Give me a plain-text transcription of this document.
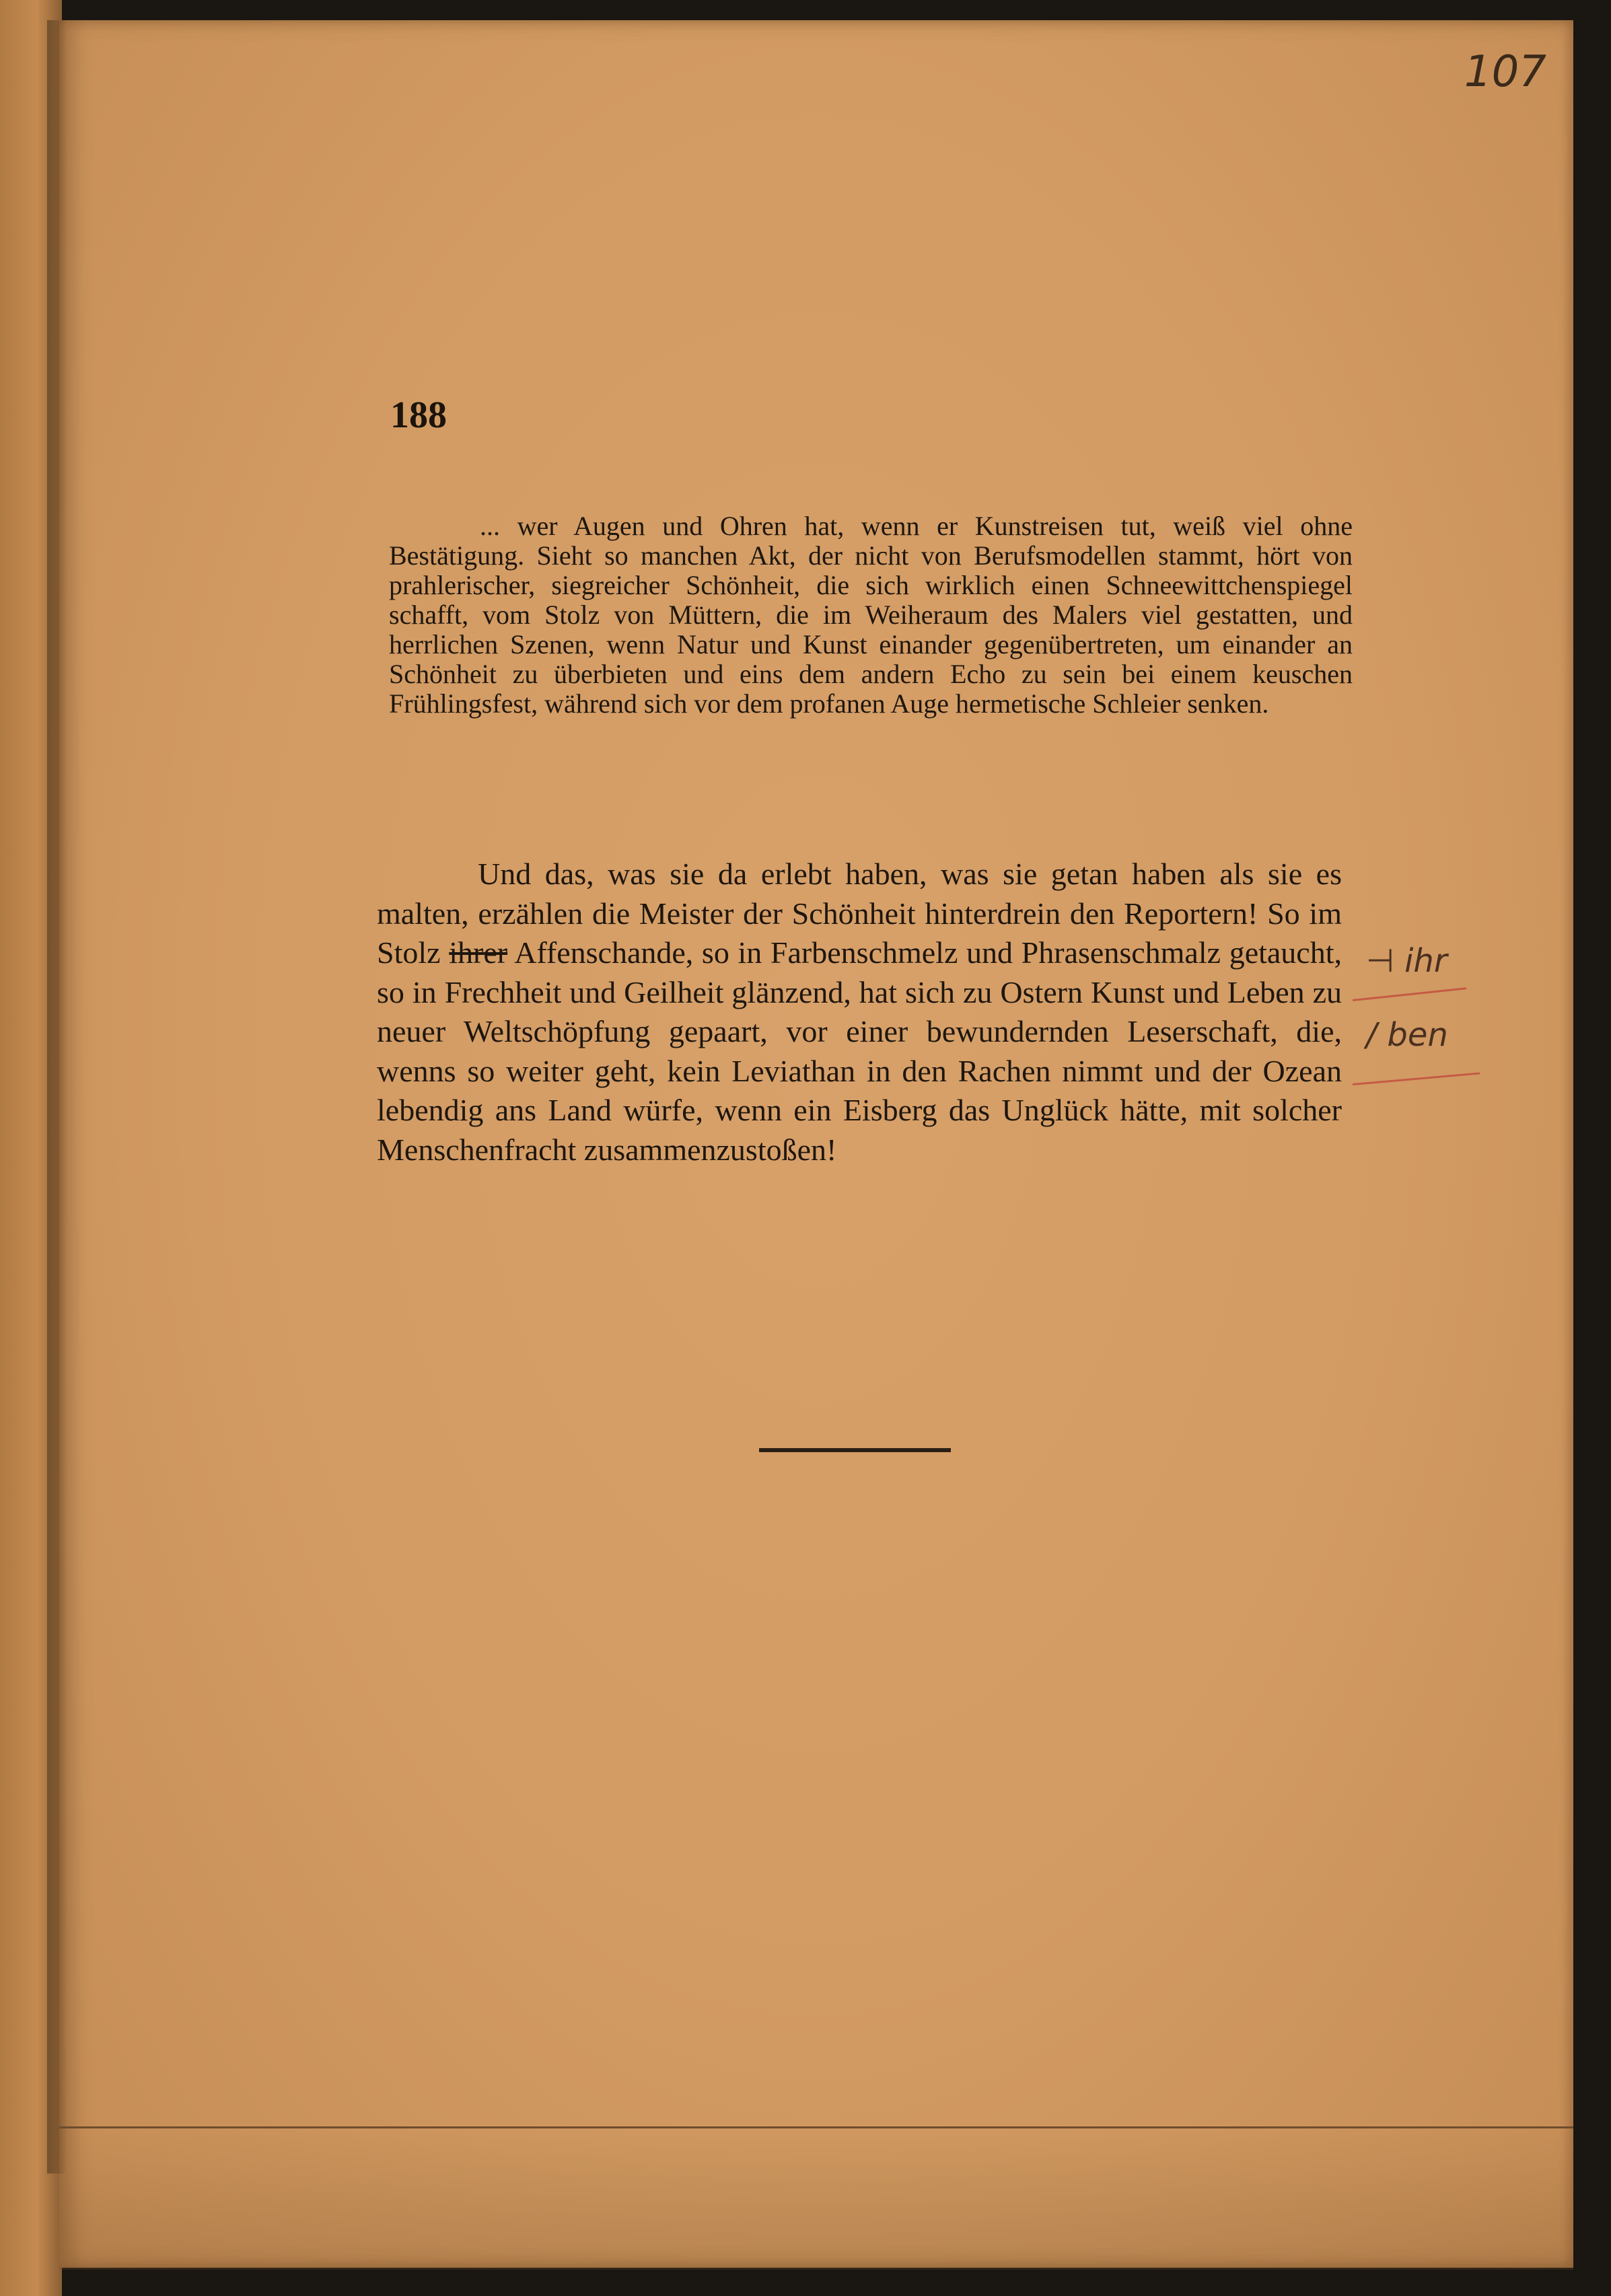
107
188

... wer Augen und Ohren hat, wenn er Kunstreisen tut, weiß viel ohne Bestätigung. Sieht so manchen Akt, der nicht von Berufsmodellen stammt, hört von prahlerischer, siegreicher Schönheit, die sich wirklich einen Schneewittchenspiegel schafft, vom Stolz von Müttern, die im Weiheraum des Malers viel gestatten, und herrlichen Szenen, wenn Natur und Kunst einander gegenübertreten, um einander an Schönheit zu überbieten und eins dem andern Echo zu sein bei einem keuschen Frühlingsfest, während sich vor dem profanen Auge hermetische Schleier senken.

Und das, was sie da erlebt haben, was sie getan haben als sie es malten, erzählen die Meister der Schönheit hinterdrein den Reportern! So im Stolz ihrer Affenschande, so in Farbenschmelz und Phrasenschmalz getaucht, so in Frechheit und Geilheit glänzend, hat sich zu Ostern Kunst und Leben zu neuer Weltschöpfung gepaart, vor einer bewundernden Leserschaft, die, wenns so weiter geht, kein Leviathan in den Rachen nimmt und der Ozean lebendig ans Land würfe, wenn ein Eisberg das Unglück hätte, mit solcher Menschenfracht zusammenzustoßen!

⊣ ihr
/ ben
